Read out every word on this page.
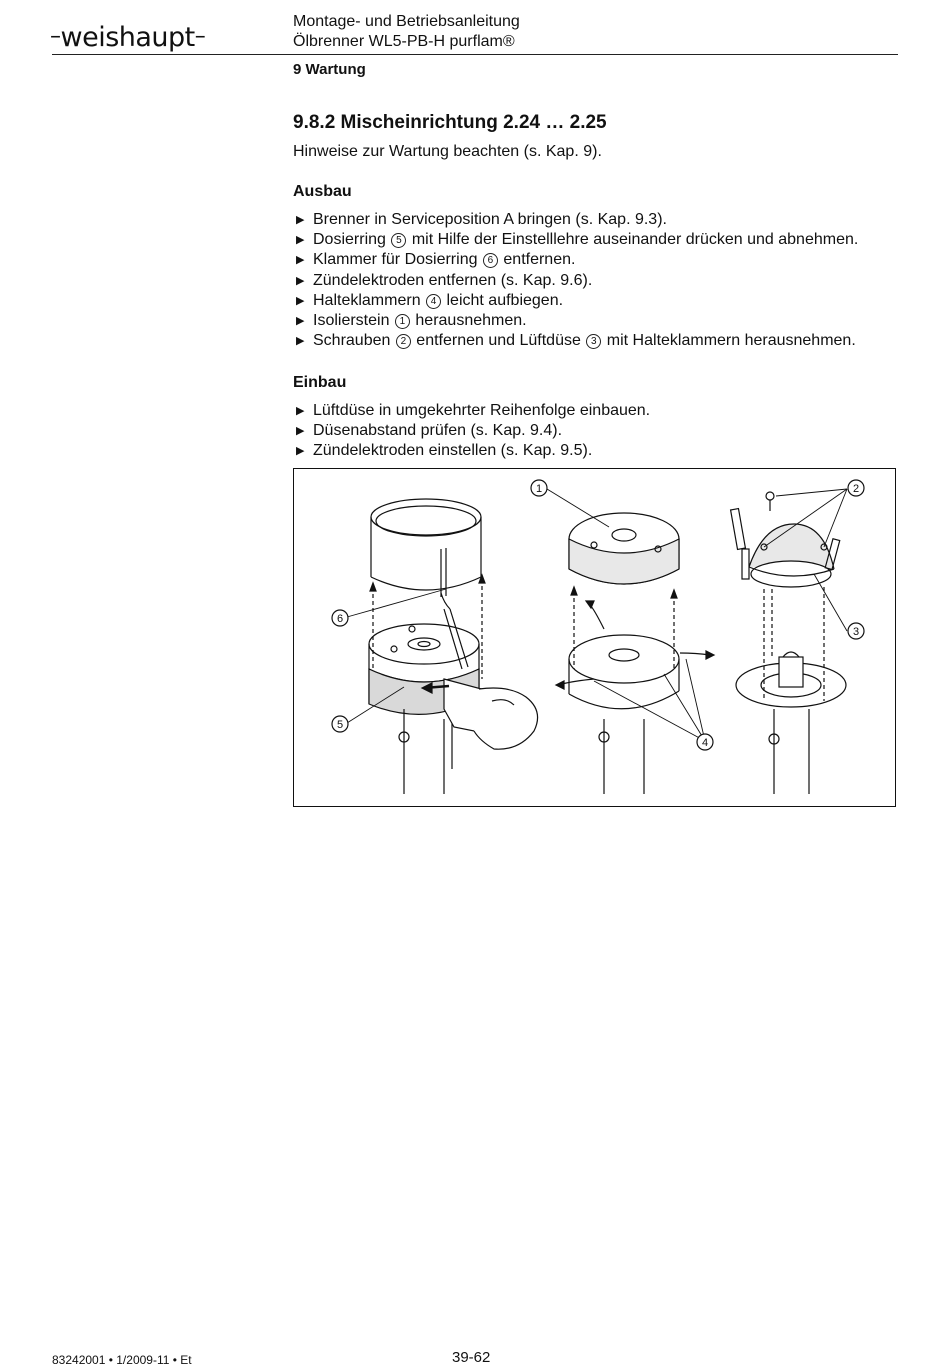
–weishaupt–
Montage- und Betriebsanleitung
Ölbrenner WL5-PB-H purflam®
9 Wartung
9.8.2 Mischeinrichtung 2.24 … 2.25
Hinweise zur Wartung beachten (s. Kap. 9).
Ausbau
▶ Brenner in Serviceposition A bringen (s. Kap. 9.3).
▶ Dosierring 5 mit Hilfe der Einstelllehre auseinander drücken und abnehmen.
▶ Klammer für Dosierring 6 entfernen.
▶ Zündelektroden entfernen (s. Kap. 9.6).
▶ Halteklammern 4 leicht aufbiegen.
▶ Isolierstein 1 herausnehmen.
▶ Schrauben 2 entfernen und Lüftdüse 3 mit Halteklammern herausnehmen.
Einbau
▶ Lüftdüse in umgekehrter Reihenfolge einbauen.
▶ Düsenabstand prüfen (s. Kap. 9.4).
▶ Zündelektroden einstellen (s. Kap. 9.5).
1	2
3
4
5
6
83242001 • 1/2009-11 • Et	39-62
